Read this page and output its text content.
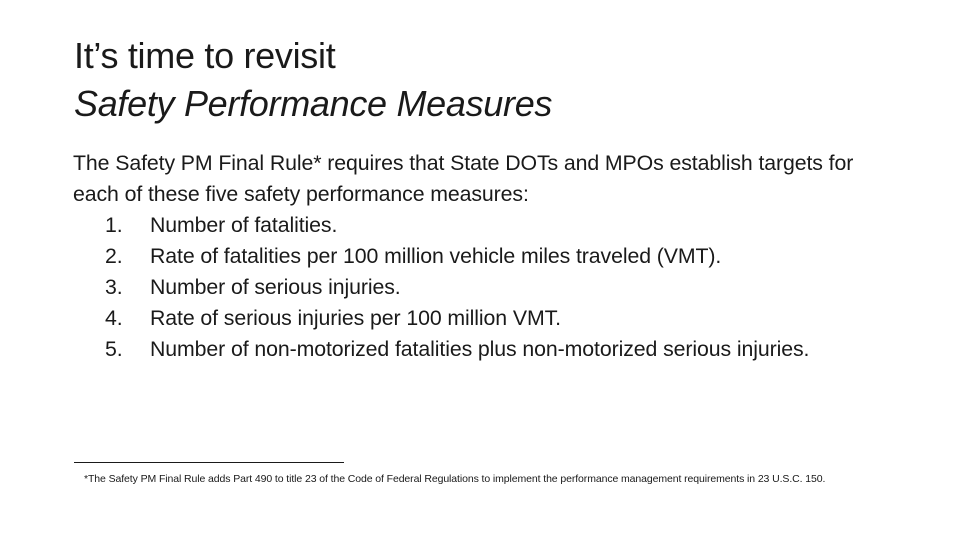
It’s time to revisit
Safety Performance Measures
The Safety PM Final Rule* requires that State DOTs and MPOs establish targets for each of these five safety performance measures:
1.	Number of fatalities.
2.	Rate of fatalities per 100 million vehicle miles traveled (VMT).
3.	Number of serious injuries.
4.	Rate of serious injuries per 100 million VMT.
5.	Number of non-motorized fatalities plus non-motorized serious injuries.
*The Safety PM Final Rule adds Part 490 to title 23 of the Code of Federal Regulations to implement the performance management requirements in 23 U.S.C. 150.
